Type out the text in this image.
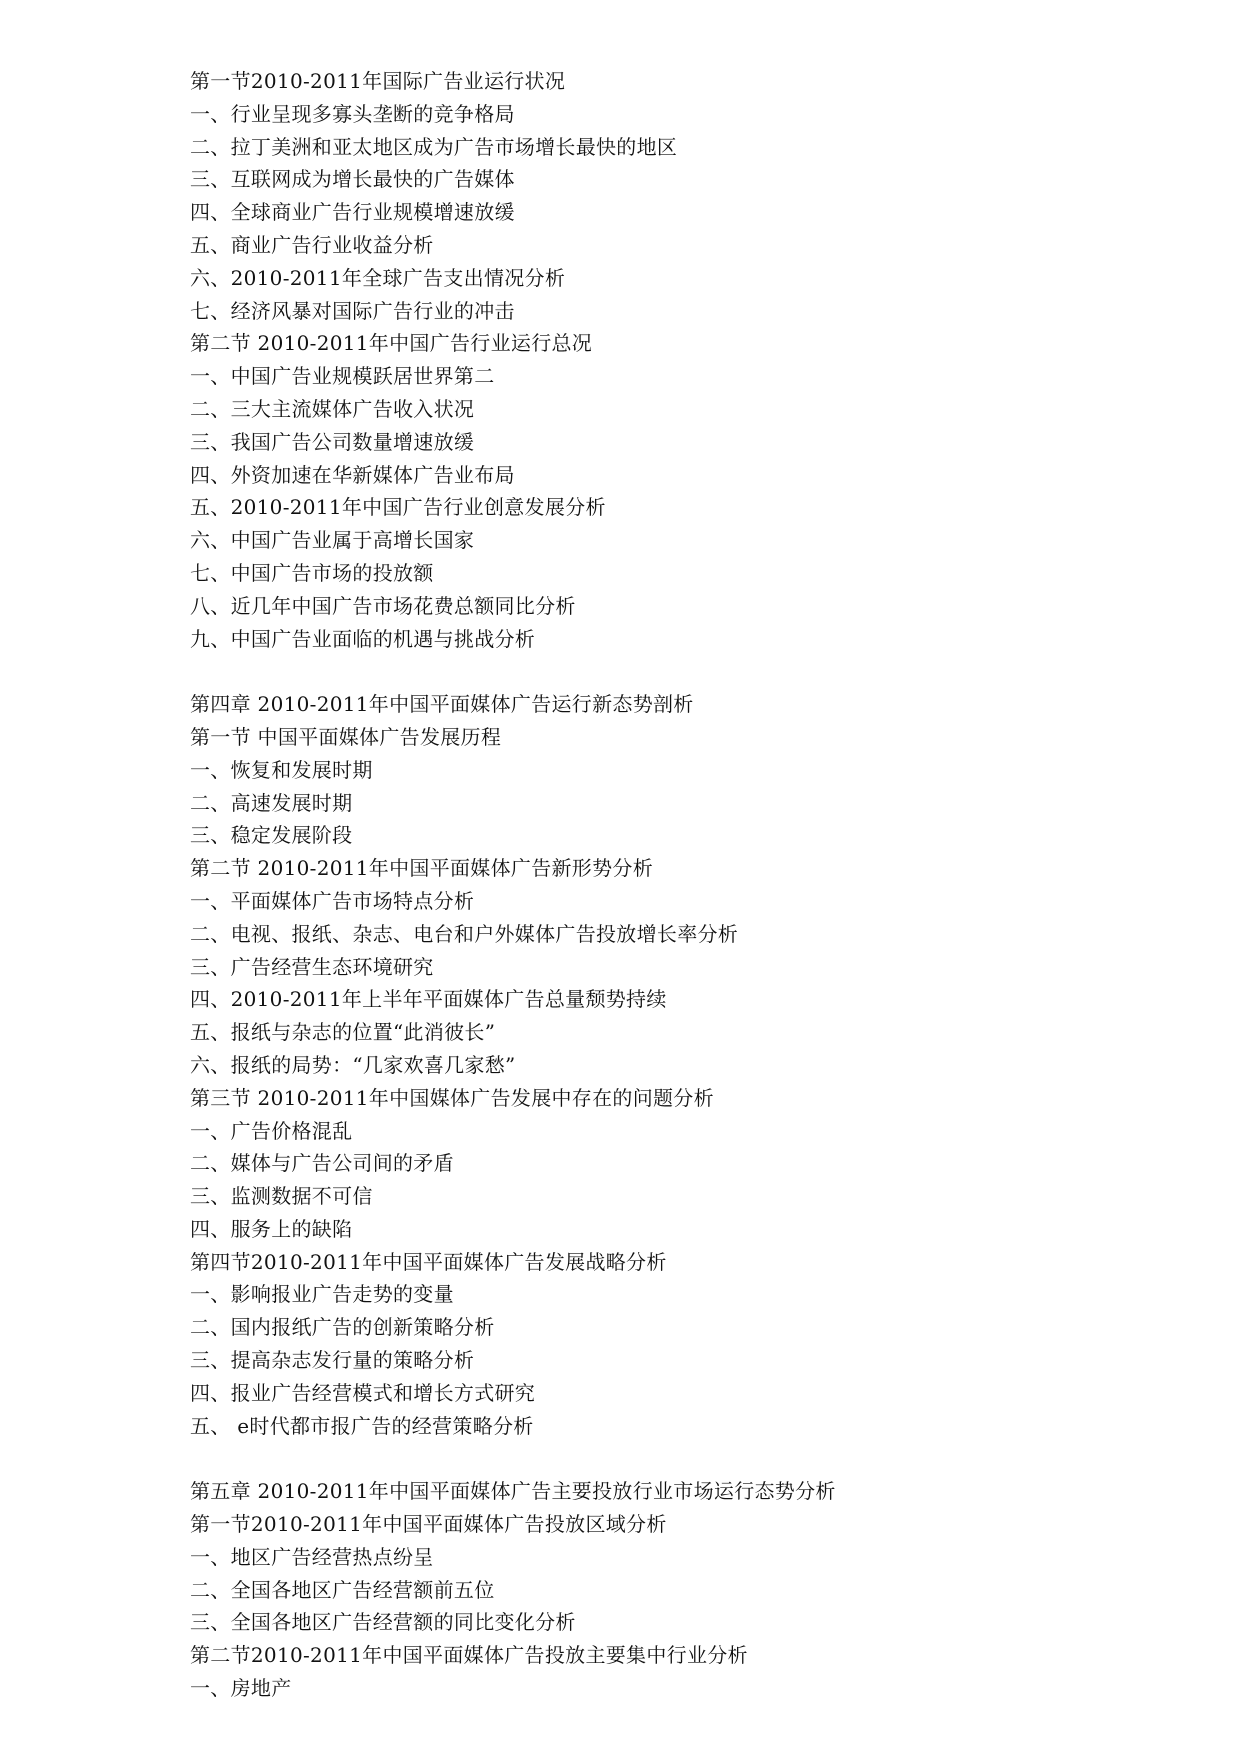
第一节2010-2011年国际广告业运行状况
一、行业呈现多寡头垄断的竞争格局
二、拉丁美洲和亚太地区成为广告市场增长最快的地区
三、互联网成为增长最快的广告媒体
四、全球商业广告行业规模增速放缓
五、商业广告行业收益分析
六、2010-2011年全球广告支出情况分析
七、经济风暴对国际广告行业的冲击
第二节 2010-2011年中国广告行业运行总况
一、中国广告业规模跃居世界第二
二、三大主流媒体广告收入状况
三、我国广告公司数量增速放缓
四、外资加速在华新媒体广告业布局
五、2010-2011年中国广告行业创意发展分析
六、中国广告业属于高增长国家
七、中国广告市场的投放额
八、近几年中国广告市场花费总额同比分析
九、中国广告业面临的机遇与挑战分析
第四章 2010-2011年中国平面媒体广告运行新态势剖析
第一节 中国平面媒体广告发展历程
一、恢复和发展时期
二、高速发展时期
三、稳定发展阶段
第二节 2010-2011年中国平面媒体广告新形势分析
一、平面媒体广告市场特点分析
二、电视、报纸、杂志、电台和户外媒体广告投放增长率分析
三、广告经营生态环境研究
四、2010-2011年上半年平面媒体广告总量颓势持续
五、报纸与杂志的位置“此消彼长”
六、报纸的局势：“几家欢喜几家愁”
第三节 2010-2011年中国媒体广告发展中存在的问题分析
一、广告价格混乱
二、媒体与广告公司间的矛盾
三、监测数据不可信
四、服务上的缺陷
第四节2010-2011年中国平面媒体广告发展战略分析
一、影响报业广告走势的变量
二、国内报纸广告的创新策略分析
三、提高杂志发行量的策略分析
四、报业广告经营模式和增长方式研究
五、 e时代都市报广告的经营策略分析
第五章 2010-2011年中国平面媒体广告主要投放行业市场运行态势分析
第一节2010-2011年中国平面媒体广告投放区域分析
一、地区广告经营热点纷呈
二、全国各地区广告经营额前五位
三、全国各地区广告经营额的同比变化分析
第二节2010-2011年中国平面媒体广告投放主要集中行业分析
一、房地产
